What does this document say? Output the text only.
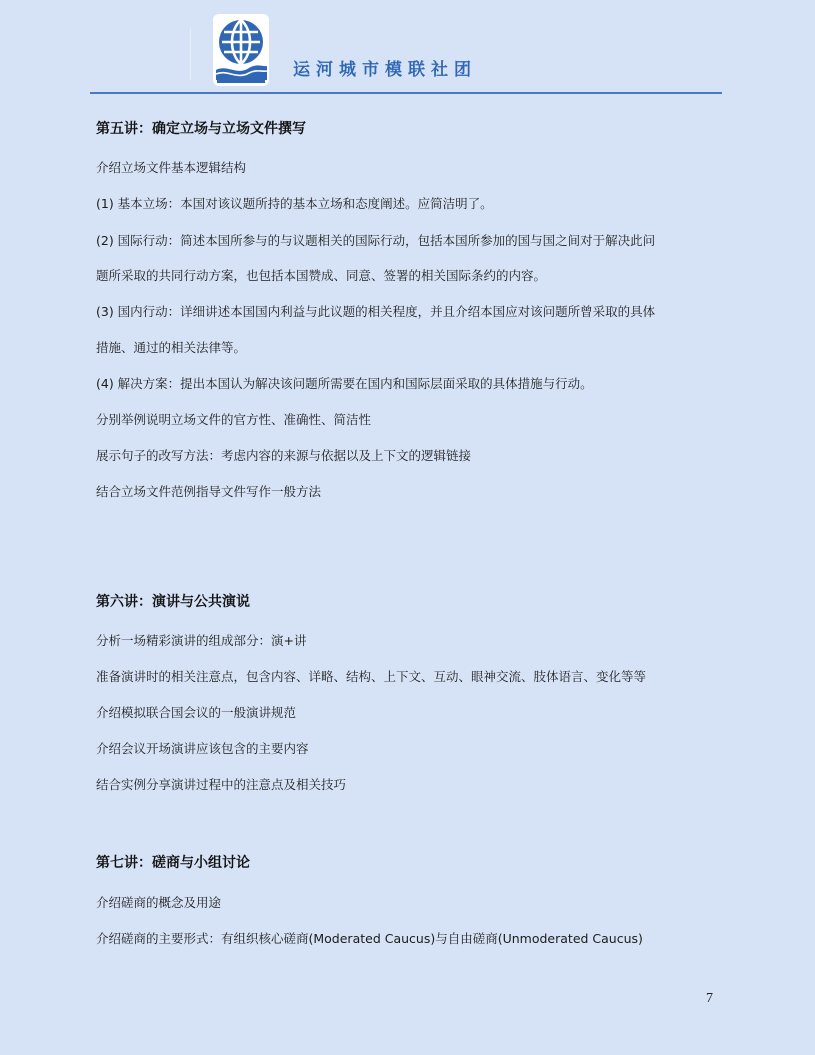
运河城市模联社团
第五讲：确定立场与立场文件撰写
介绍立场文件基本逻辑结构
(1) 基本立场：本国对该议题所持的基本立场和态度阐述。应简洁明了。
(2) 国际行动：简述本国所参与的与议题相关的国际行动，包括本国所参加的国与国之间对于解决此问
题所采取的共同行动方案，也包括本国赞成、同意、签署的相关国际条约的内容。
(3) 国内行动：详细讲述本国国内利益与此议题的相关程度，并且介绍本国应对该问题所曾采取的具体
措施、通过的相关法律等。
(4) 解决方案：提出本国认为解决该问题所需要在国内和国际层面采取的具体措施与行动。
分别举例说明立场文件的官方性、准确性、简洁性
展示句子的改写方法：考虑内容的来源与依据以及上下文的逻辑链接
结合立场文件范例指导文件写作一般方法
第六讲：演讲与公共演说
分析一场精彩演讲的组成部分：演+讲
准备演讲时的相关注意点，包含内容、详略、结构、上下文、互动、眼神交流、肢体语言、变化等等
介绍模拟联合国会议的一般演讲规范
介绍会议开场演讲应该包含的主要内容
结合实例分享演讲过程中的注意点及相关技巧
第七讲：磋商与小组讨论
介绍磋商的概念及用途
介绍磋商的主要形式：有组织核心磋商(Moderated Caucus)与自由磋商(Unmoderated Caucus)
7
